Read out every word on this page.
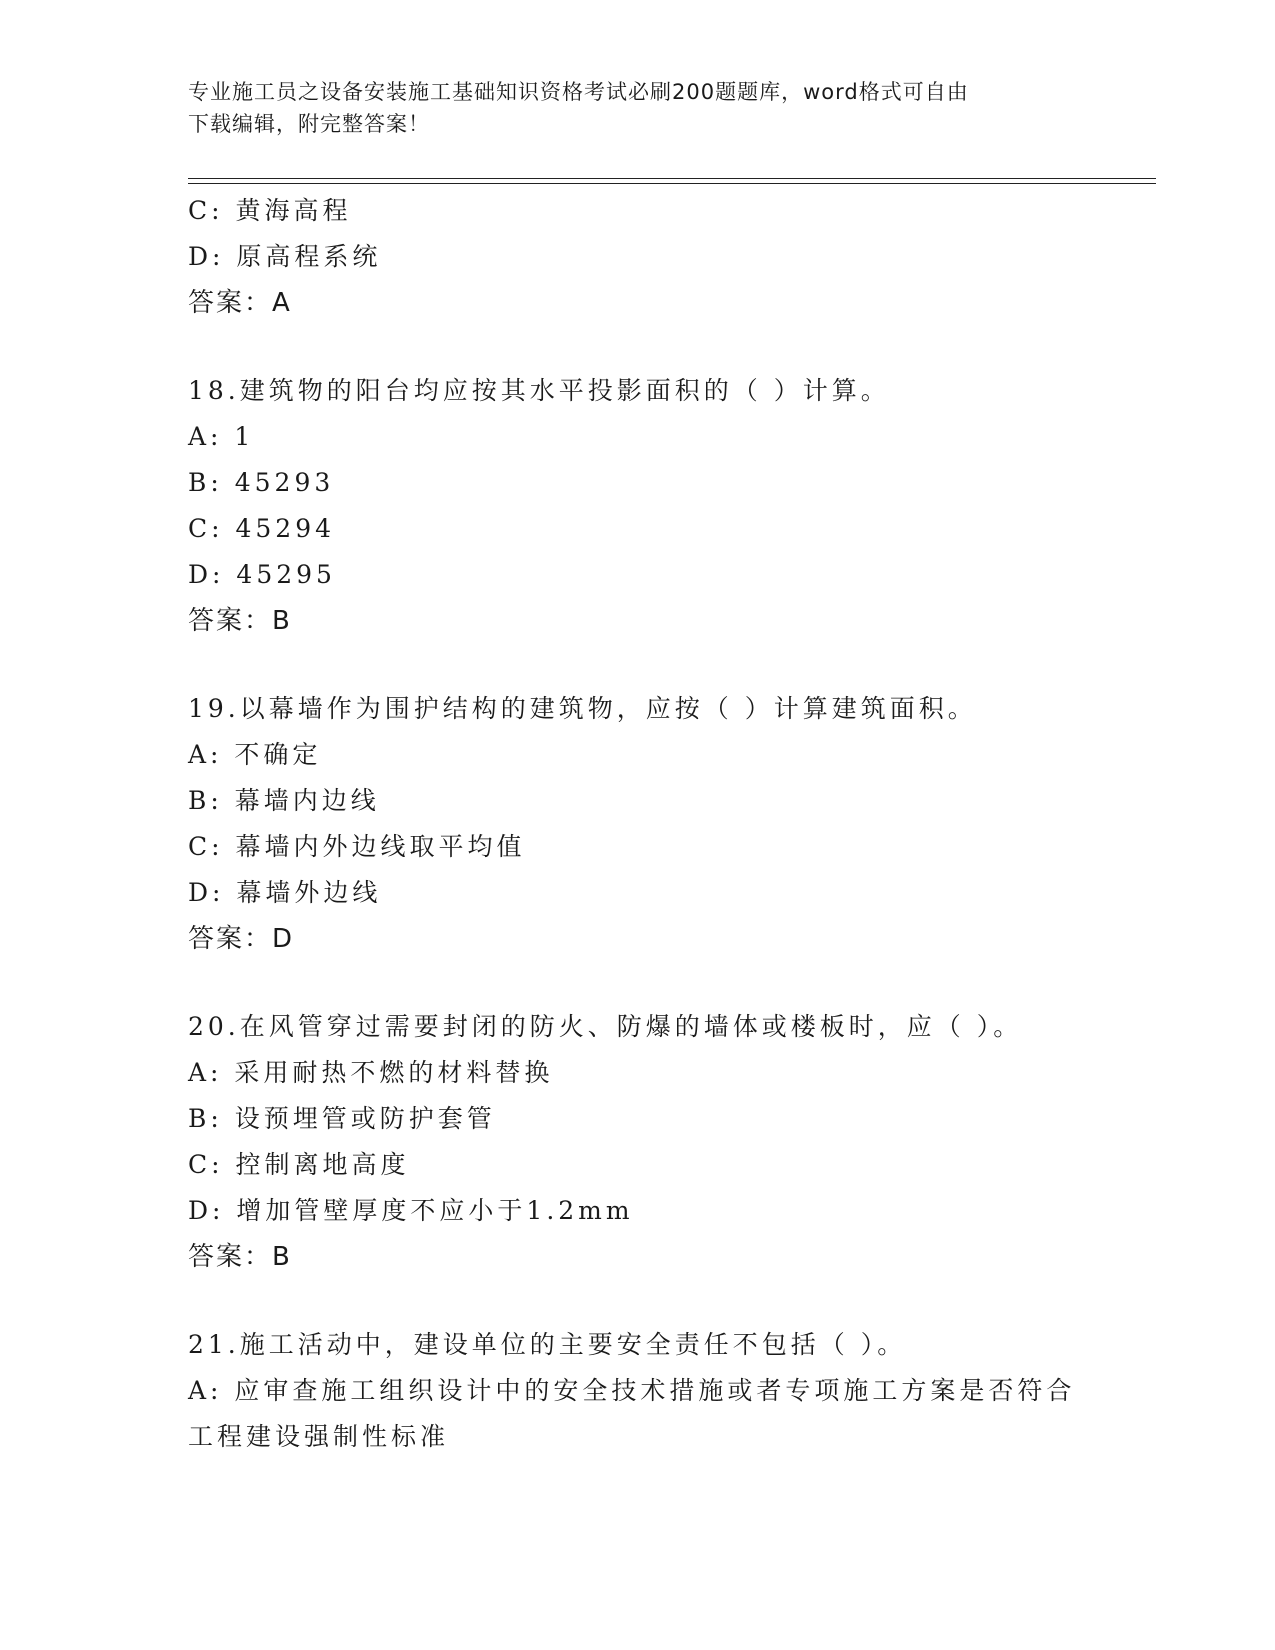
专业施工员之设备安装施工基础知识资格考试必刷200题题库，word格式可自由
下载编辑，附完整答案！
C: 黄海高程
D: 原高程系统
答案：A
18.建筑物的阳台均应按其水平投影面积的（ ）计算。
A: 1
B: 45293
C: 45294
D: 45295
答案：B
19.以幕墙作为围护结构的建筑物，应按（ ）计算建筑面积。
A: 不确定
B: 幕墙内边线
C: 幕墙内外边线取平均值
D: 幕墙外边线
答案：D
20.在风管穿过需要封闭的防火、防爆的墙体或楼板时，应（ ）。
A: 采用耐热不燃的材料替换
B: 设预埋管或防护套管
C: 控制离地高度
D: 增加管壁厚度不应小于1.2mm
答案：B
21.施工活动中，建设单位的主要安全责任不包括（ ）。
A: 应审查施工组织设计中的安全技术措施或者专项施工方案是否符合
工程建设强制性标准
